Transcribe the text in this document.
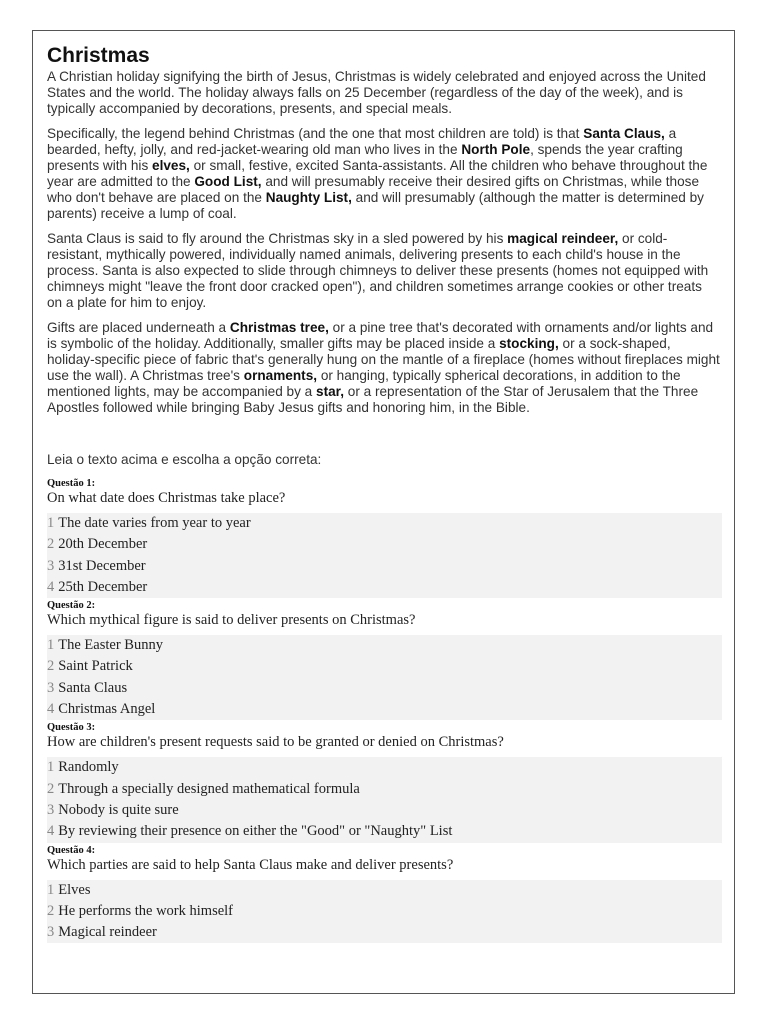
Christmas

A Christian holiday signifying the birth of Jesus, Christmas is widely celebrated and enjoyed across the United States and the world. The holiday always falls on 25 December (regardless of the day of the week), and is typically accompanied by decorations, presents, and special meals.

Specifically, the legend behind Christmas (and the one that most children are told) is that Santa Claus, a bearded, hefty, jolly, and red-jacket-wearing old man who lives in the North Pole, spends the year crafting presents with his elves, or small, festive, excited Santa-assistants. All the children who behave throughout the year are admitted to the Good List, and will presumably receive their desired gifts on Christmas, while those who don't behave are placed on the Naughty List, and will presumably (although the matter is determined by parents) receive a lump of coal.

Santa Claus is said to fly around the Christmas sky in a sled powered by his magical reindeer, or cold-resistant, mythically powered, individually named animals, delivering presents to each child's house in the process. Santa is also expected to slide through chimneys to deliver these presents (homes not equipped with chimneys might "leave the front door cracked open"), and children sometimes arrange cookies or other treats on a plate for him to enjoy.

Gifts are placed underneath a Christmas tree, or a pine tree that's decorated with ornaments and/or lights and is symbolic of the holiday. Additionally, smaller gifts may be placed inside a stocking, or a sock-shaped, holiday-specific piece of fabric that's generally hung on the mantle of a fireplace (homes without fireplaces might use the wall). A Christmas tree's ornaments, or hanging, typically spherical decorations, in addition to the mentioned lights, may be accompanied by a star, or a representation of the Star of Jerusalem that the Three Apostles followed while bringing Baby Jesus gifts and honoring him, in the Bible.

Leia o texto acima e escolha a opção correta:
Questão 1:
On what date does Christmas take place?
1 The date varies from year to year
2 20th December
3 31st December
4 25th December
Questão 2:
Which mythical figure is said to deliver presents on Christmas?
1 The Easter Bunny
2 Saint Patrick
3 Santa Claus
4 Christmas Angel
Questão 3:
How are children's present requests said to be granted or denied on Christmas?
1 Randomly
2 Through a specially designed mathematical formula
3 Nobody is quite sure
4 By reviewing their presence on either the "Good" or "Naughty" List
Questão 4:
Which parties are said to help Santa Claus make and deliver presents?
1 Elves
2 He performs the work himself
3 Magical reindeer
